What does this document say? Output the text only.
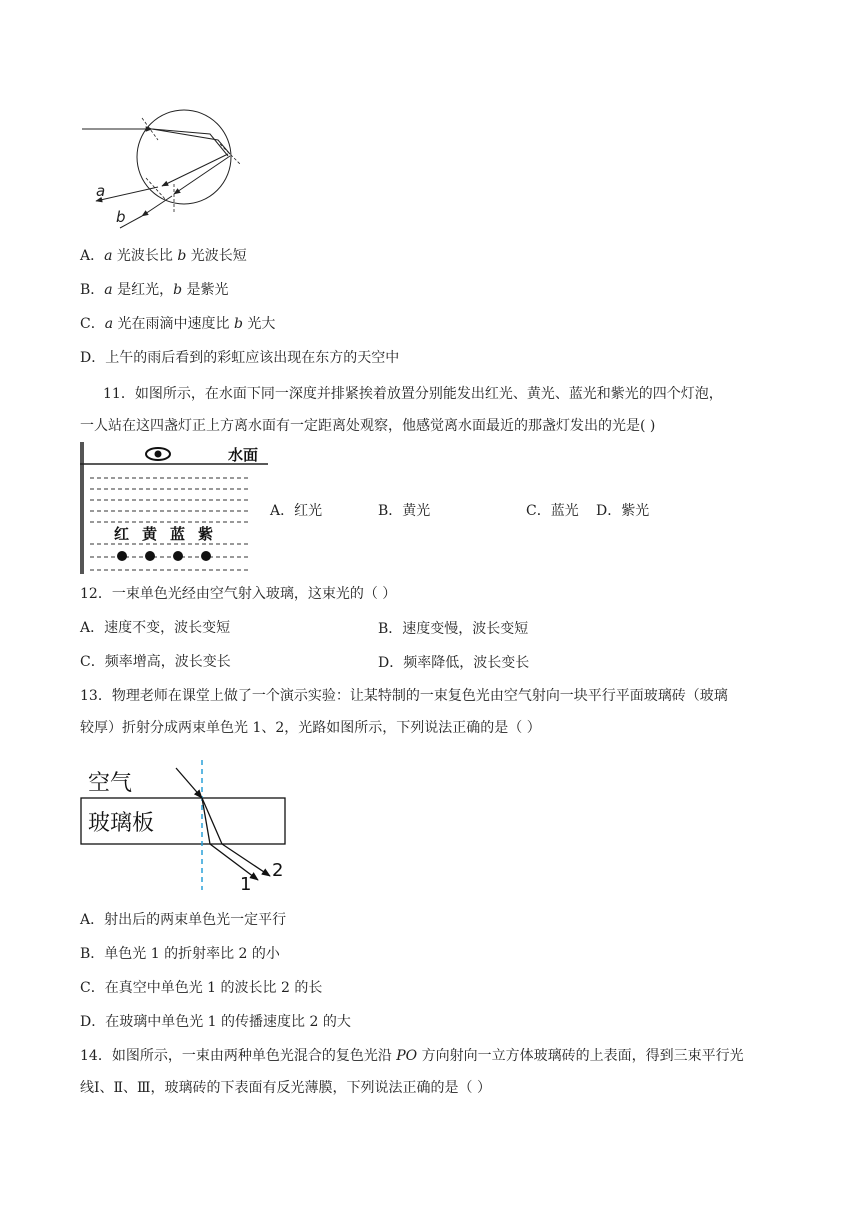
a
b
A．a 光波长比 b 光波长短
B．a 是红光，b 是紫光
C．a 光在雨滴中速度比 b 光大
D．上午的雨后看到的彩虹应该出现在东方的天空中
11．如图所示，在水面下同一深度并排紧挨着放置分别能发出红光、黄光、蓝光和紫光的四个灯泡，
一人站在这四盏灯正上方离水面有一定距离处观察，他感觉离水面最近的那盏灯发出的光是( )
水面
红 黄 蓝 紫
A．红光	B．黄光	C．蓝光 D．紫光
12．一束单色光经由空气射入玻璃，这束光的（ ）
A．速度不变，波长变短	B．速度变慢，波长变短
C．频率增高，波长变长	D．频率降低，波长变长
13．物理老师在课堂上做了一个演示实验：让某特制的一束复色光由空气射向一块平行平面玻璃砖（玻璃
较厚）折射分成两束单色光 1、2，光路如图所示，下列说法正确的是（ ）
空气
玻璃板
1
2
A．射出后的两束单色光一定平行
B．单色光 1 的折射率比 2 的小
C．在真空中单色光 1 的波长比 2 的长
D．在玻璃中单色光 1 的传播速度比 2 的大
14．如图所示，一束由两种单色光混合的复色光沿 PO 方向射向一立方体玻璃砖的上表面，得到三束平行光
线Ⅰ、Ⅱ、Ⅲ，玻璃砖的下表面有反光薄膜，下列说法正确的是（ ）
